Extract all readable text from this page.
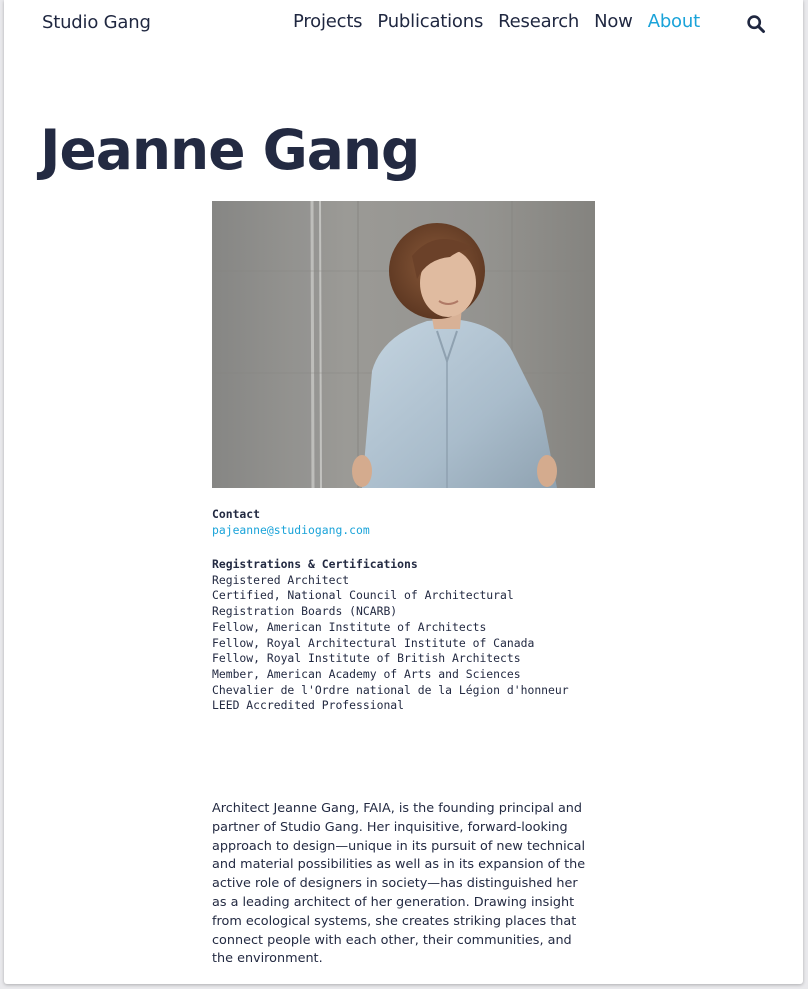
Studio Gang	Projects Publications Research Now About
Jeanne Gang
Contact
pajeanne@studiogang.com
Registrations & Certifications
Registered Architect
Certified, National Council of Architectural
Registration Boards (NCARB)
Fellow, American Institute of Architects
Fellow, Royal Architectural Institute of Canada
Fellow, Royal Institute of British Architects
Member, American Academy of Arts and Sciences
Chevalier de l'Ordre national de la Légion d'honneur
LEED Accredited Professional

Architect Jeanne Gang, FAIA, is the founding principal and partner of Studio Gang. Her inquisitive, forward-looking approach to design—unique in its pursuit of new technical and material possibilities as well as in its expansion of the active role of designers in society—has distinguished her as a leading architect of her generation. Drawing insight from ecological systems, she creates striking places that connect people with each other, their communities, and the environment.
